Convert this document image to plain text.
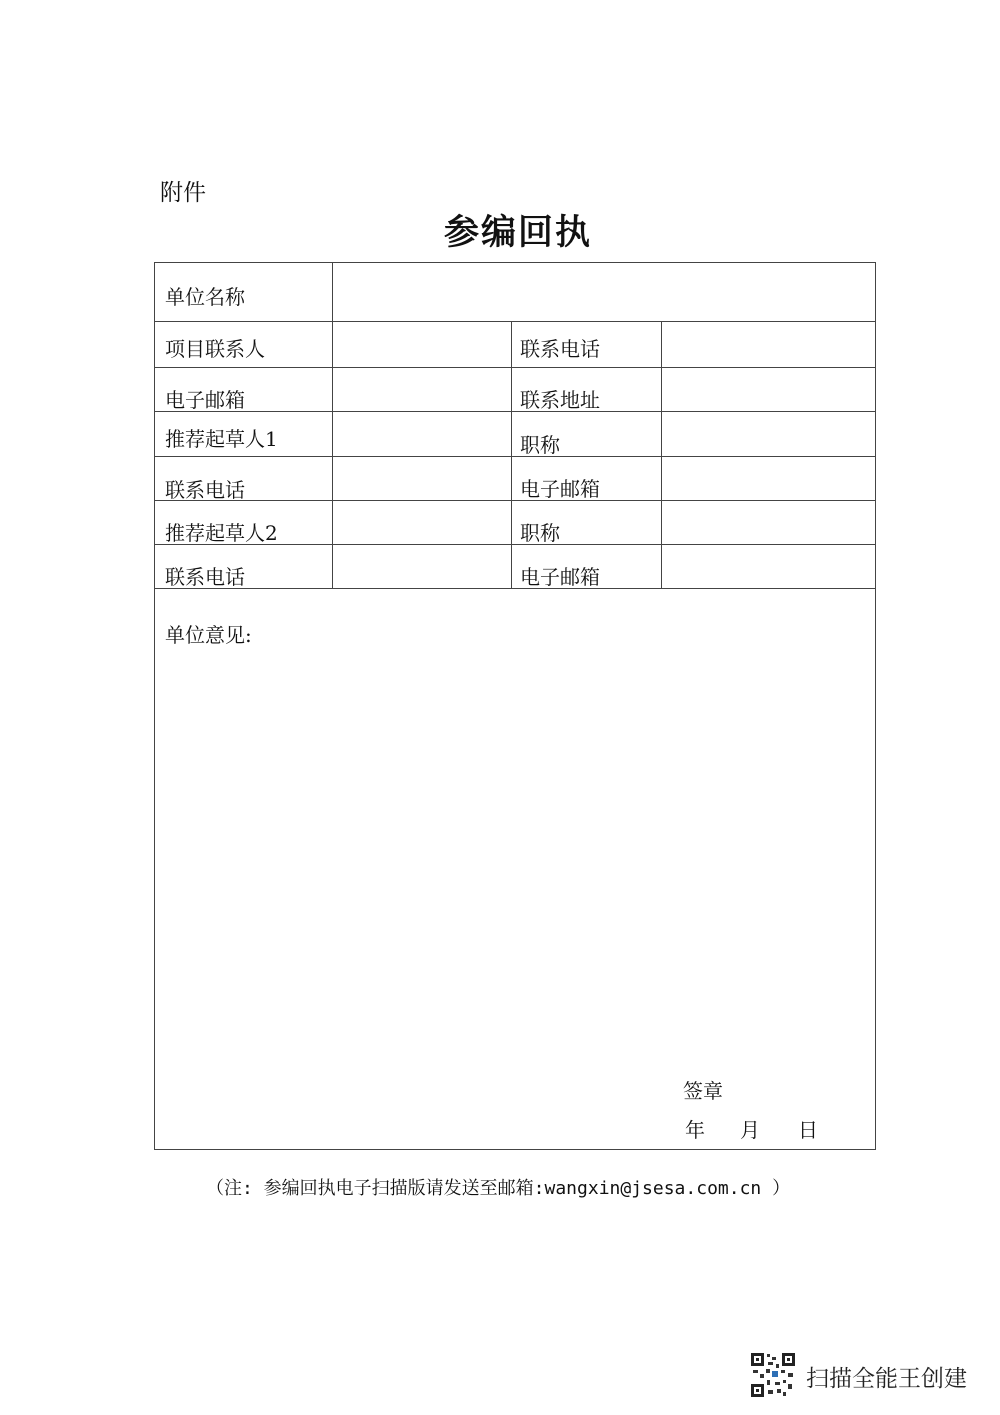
附件
参编回执
单位名称
项目联系人	联系电话
电子邮箱	联系地址
推荐起草人1	职称
联系电话	电子邮箱
推荐起草人2	职称
联系电话	电子邮箱
单位意见:
签章
年 月 日
（注: 参编回执电子扫描版请发送至邮箱:wangxin@jsesa.com.cn ）
扫描全能王创建
